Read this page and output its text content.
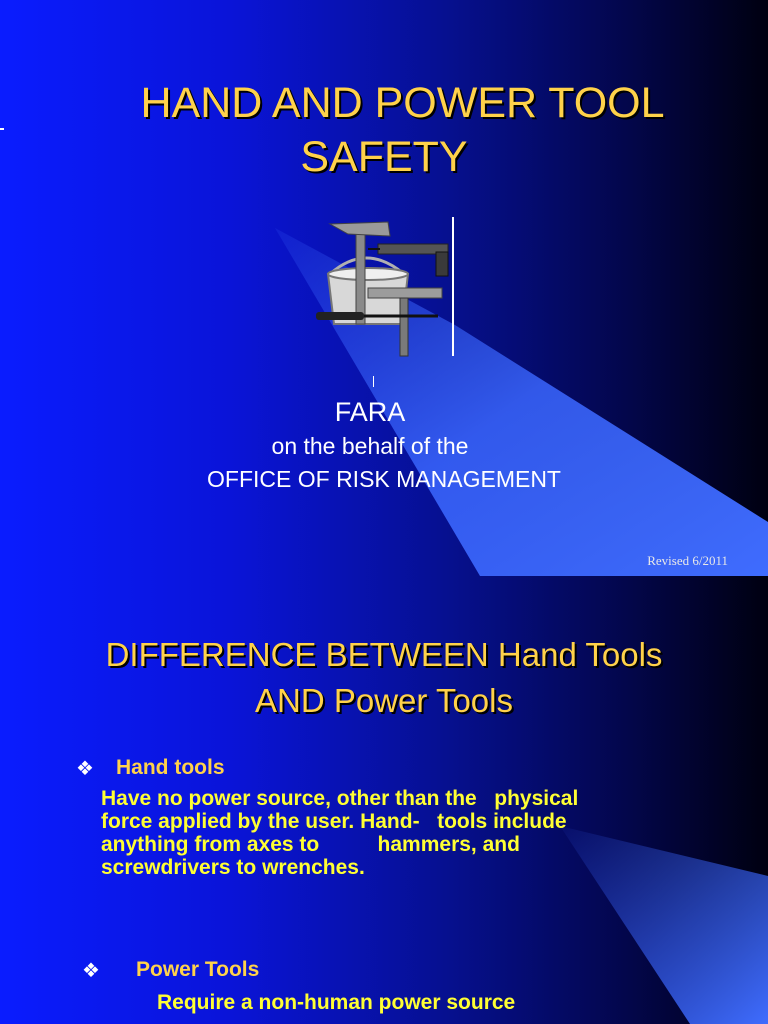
HAND AND POWER TOOL
SAFETY

FARA

on the behalf of the

OFFICE OF RISK MANAGEMENT

Revised 6/2011
DIFFERENCE BETWEEN Hand Tools
AND Power Tools
❖ Hand tools

Have no power source, other than the   physical
force applied by the user. Hand-   tools include
anything from axes to          hammers, and
screwdrivers to wrenches.

❖ Power Tools

Require a non-human power source
